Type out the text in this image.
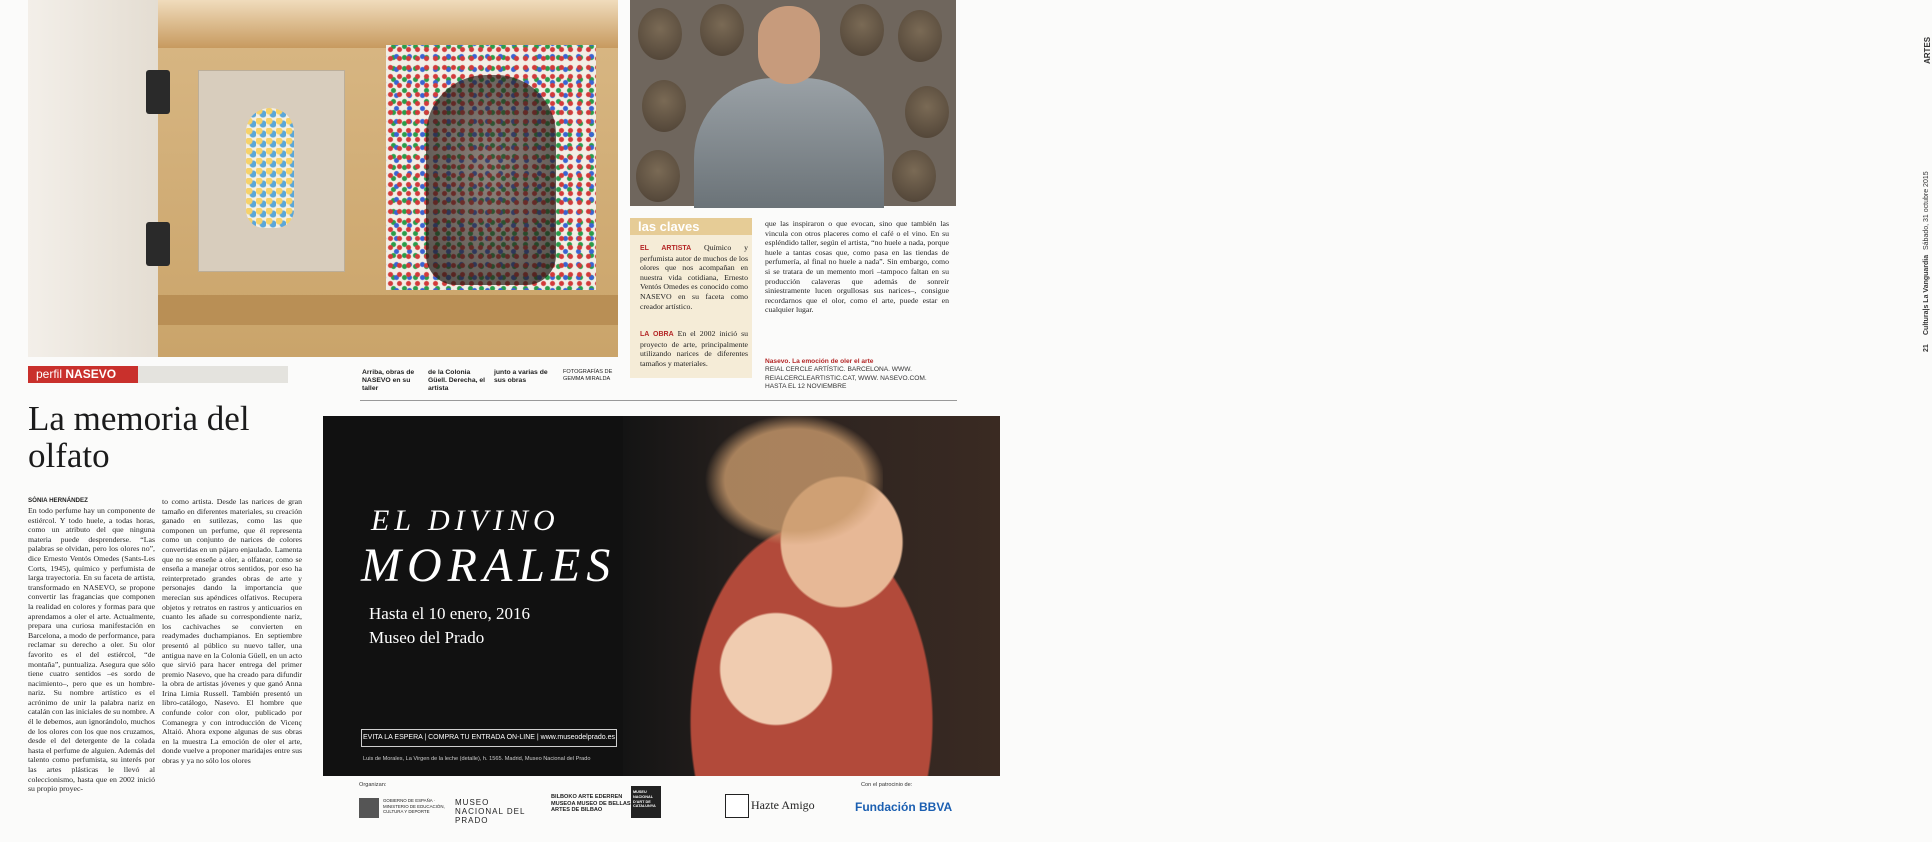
ARTES
Sábado, 31 octubre 2015
Cultura|s La Vanguardia
21
las claves
EL ARTISTA Químico y perfumista autor de muchos de los olores que nos acompañan en nuestra vida cotidiana, Ernesto Ventós Omedes es conocido como NASEVO en su faceta como creador artístico.
LA OBRA En el 2002 inició su proyecto de arte, principalmente utilizando narices de diferentes tamaños y materiales.
que las inspiraron o que evocan, sino que también las vincula con otros placeres como el café o el vino. En su espléndido taller, según el artista, “no huele a nada, porque huele a tantas cosas que, como pasa en las tiendas de perfumería, al final no huele a nada”. Sin embargo, como si se tratara de un memento mori –tampoco faltan en su producción calaveras que además de sonreír siniestramente lucen orgullosas sus narices–, consigue recordarnos que el olor, como el arte, puede estar en cualquier lugar.
Nasevo. La emoción de oler el arte
REIAL CERCLE ARTÍSTIC. BARCELONA. WWW. REIALCERCLEARTISTIC.CAT, WWW. NASEVO.COM. HASTA EL 12 NOVIEMBRE
Arriba, obras de NASEVO en su taller
de la Colonia Güell. Derecha, el artista
junto a varias de sus obras
FOTOGRAFÍAS DE GEMMA MIRALDA
perfil NASEVO
La memoria del olfato
SÒNIA HERNÁNDEZ
En todo perfume hay un componente de estiércol. Y todo huele, a todas horas, como un atributo del que ninguna materia puede desprenderse. “Las palabras se olvidan, pero los olores no”, dice Ernesto Ventós Omedes (Sants-Les Corts, 1945), químico y perfumista de larga trayectoria. En su faceta de artista, transformado en NASEVO, se propone convertir las fragancias que componen la realidad en colores y formas para que aprendamos a oler el arte. Actualmente, prepara una curiosa manifestación en Barcelona, a modo de performance, para reclamar su derecho a oler. Su olor favorito es el del estiércol, “de montaña”, puntualiza. Asegura que sólo tiene cuatro sentidos –es sordo de nacimiento–, pero que es un hombre-nariz. Su nombre artístico es el acrónimo de unir la palabra nariz en catalán con las iniciales de su nombre. A él le debemos, aun ignorándolo, muchos de los olores con los que nos cruzamos, desde el del detergente de la colada hasta el perfume de alguien. Además del talento como perfumista, su interés por las artes plásticas le llevó al coleccionismo, hasta que en 2002 inició su propio proyec-
to como artista. Desde las narices de gran tamaño en diferentes materiales, su creación ganado en sutilezas, como las que componen un perfume, que él representa como un conjunto de narices de colores convertidas en un pájaro enjaulado. Lamenta que no se enseñe a oler, a olfatear, como se enseña a manejar otros sentidos, por eso ha reinterpretado grandes obras de arte y personajes dando la importancia que merecían sus apéndices olfativos. Recupera objetos y retratos en rastros y anticuarios en cuanto les añade su correspondiente nariz, los cachivaches se convierten en readymades duchampianos. En septiembre presentó al público su nuevo taller, una antigua nave en la Colonia Güell, en un acto que sirvió para hacer entrega del primer premio Nasevo, que ha creado para difundir la obra de artistas jóvenes y que ganó Anna Irina Limia Russell. También presentó un libro-catálogo, Nasevo. El hombre que confunde color con olor, publicado por Comanegra y con introducción de Vicenç Altaió. Ahora expone algunas de sus obras en la muestra La emoción de oler el arte, donde vuelve a proponer maridajes entre sus obras y ya no sólo los olores
EL DIVINO
MORALES
Hasta el 10 enero, 2016
Museo del Prado
EVITA LA ESPERA | COMPRA TU ENTRADA ON-LINE | www.museodelprado.es
Luis de Morales, La Virgen de la leche (detalle), h. 1565. Madrid, Museo Nacional del Prado
Organizan:	Con el patrocinio de:
GOBIERNO DE ESPAÑA · MINISTERIO DE EDUCACIÓN, CULTURA Y DEPORTE
MUSEO NACIONAL DEL PRADO
BILBOKO ARTE EDERREN MUSEOA MUSEO DE BELLAS ARTES DE BILBAO
MUSEU NACIONAL D'ART DE CATALUNYA	Hazte Amigo	Fundación BBVA
